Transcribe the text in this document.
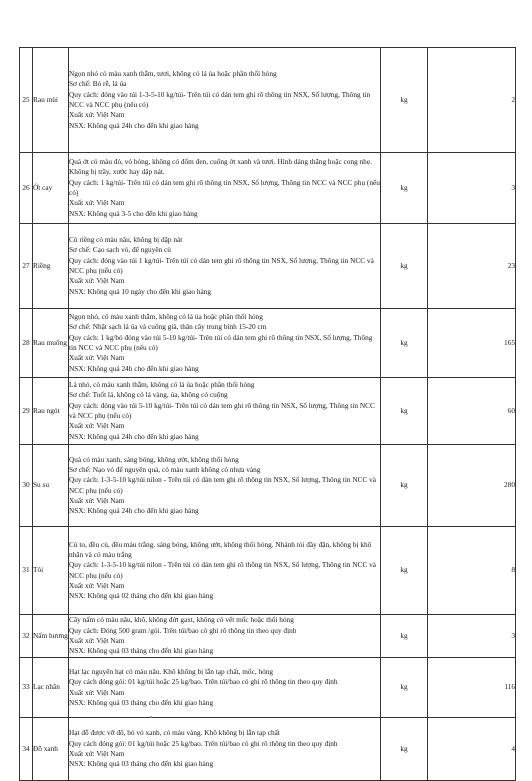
25	Rau mùi	Ngọn nhỏ có màu xanh thẫm, tươi, không có lá úa hoặc phần thối hỏng
Sơ chế: Bỏ rễ, lá úa
Quy cách: đóng vào túi 1-3-5-10 kg/túi- Trên túi có dán tem ghi rõ thông tin NSX, Số lượng, Thông tin NCC và NCC phụ (nếu có)
Xuất xứ: Việt Nam
NSX: Không quá 24h cho đến khi giao hàng	kg	2
26	Ớt cay	Quả ớt có màu đỏ, vỏ bóng, không có đốm đen, cuống ớt xanh và tươi. Hình dáng thẳng hoặc cong nhẹ. Không bị trầy, xước hay dập nát.
Quy cách: 1 kg/túi- Trên túi có dán tem ghi rõ thông tin NSX, Số lượng, Thông tin NCC và NCC phụ (nếu có)
Xuất xứ: Việt Nam
NSX: Không quá 3-5 cho đến khi giao hàng	kg	3
27	Riềng	Củ riềng có màu nâu, không bị dập nát
Sơ chế: Cạo sạch vỏ, để nguyên củ
Quy cách: đóng vào túi 1 kg/túi- Trên túi có dán tem ghi rõ thông tin NSX, Số lượng, Thông tin NCC và NCC phụ (nếu có)
Xuất xứ: Việt Nam
NSX: Không quá 10 ngày cho đến khi giao hàng	kg	23
28	Rau muống	Ngọn nhỏ, có màu xanh thẫm, không có lá úa hoặc phần thối hỏng
Sơ chế: Nhặt sạch lá úa và cuống già, thân cây trung bình 15-20 cm
Quy cách: 1 kg/bó đóng vào túi 5-10 kg/túi- Trên túi có dán tem ghi rõ thông tin NSX, Số lượng, Thông tin NCC và NCC phụ (nếu có)
Xuất xứ: Việt Nam
NSX: Không quá 24h cho đến khi giao hàng	kg	165
29	Rau ngót	Lá nhỏ, có màu xanh thẫm, không có lá úa hoặc phần thối hỏng
Sơ chế: Tuốt lá, không có lá vàng, úa, không có cuộng
Quy cách: đóng vào túi 5-10 kg/túi- Trên túi có dán tem ghi rõ thông tin NSX, Số lượng, Thông tin NCC và NCC phụ (nếu có)
Xuất xứ: Việt Nam
NSX: Không quá 24h cho đến khi giao hàng	kg	60
30	Su su	Quả có màu xanh, sáng bóng, không ướt, không thối hỏng
Sơ chế: Nạo vỏ để nguyên quả, có màu xanh không có nhựa vàng
Quy cách: 1-3-5-10 kg/túi nilon - Trên túi có dán tem ghi rõ thông tin NSX, Số lượng, Thông tin NCC và NCC phụ (nếu có)
Xuất xứ: Việt Nam
NSX: Không quá 24h cho đến khi giao hàng	kg	280
31	Tỏi	Củ to, đều củ, đều màu trắng, sáng bóng, không ướt, không thối hỏng. Nhánh tỏi đầy đặn, không bị khô nhăn và có màu trắng
Quy cách: 1-3-5-10 kg/túi nilon - Trên túi có dán tem ghi rõ thông tin NSX, Số lượng, Thông tin NCC và NCC phụ (nếu có)
Xuất xứ: Việt Nam
NSX: Không quá 02 tháng cho đến khi giao hàng	kg	8
32	Nấm hương	Cây nấm có màu nâu, khô, không đứt gaxt, không có vết mốc hoặc thối hỏng
Quy cách: Đóng 500 gram /gói. Trên túi/bao có ghi rõ thông tin theo quy định
Xuất xứ: Việt Nam
NSX: Không quá 03 tháng cho đến khi giao hàng	kg	3
33	Lạc nhân	Hạt lạc nguyên hạt có màu nâu. Khô không bị lẫn tạp chất, mốc, hỏng
Quy cách đóng gói: 01 kg/túi hoặc 25 kg/bao. Trên túi/bao có ghi rõ thông tin theo quy định
Xuất xứ: Việt Nam
NSX: Không quá 03 tháng cho đến khi giao hàng	kg	116
34	Đỗ xanh	Hạt đỗ được vỡ đô, bỏ vỏ xanh, có màu vàng. Khô không bị lẫn tạp chất
Quy cách đóng gói: 01 kg/túi hoặc 25 kg/bao. Trên túi/bao có ghi rõ thông tin theo quy định
Xuất xứ: Việt Nam
NSX: Không quá 03 tháng cho đến khi giao hàng	kg	4
